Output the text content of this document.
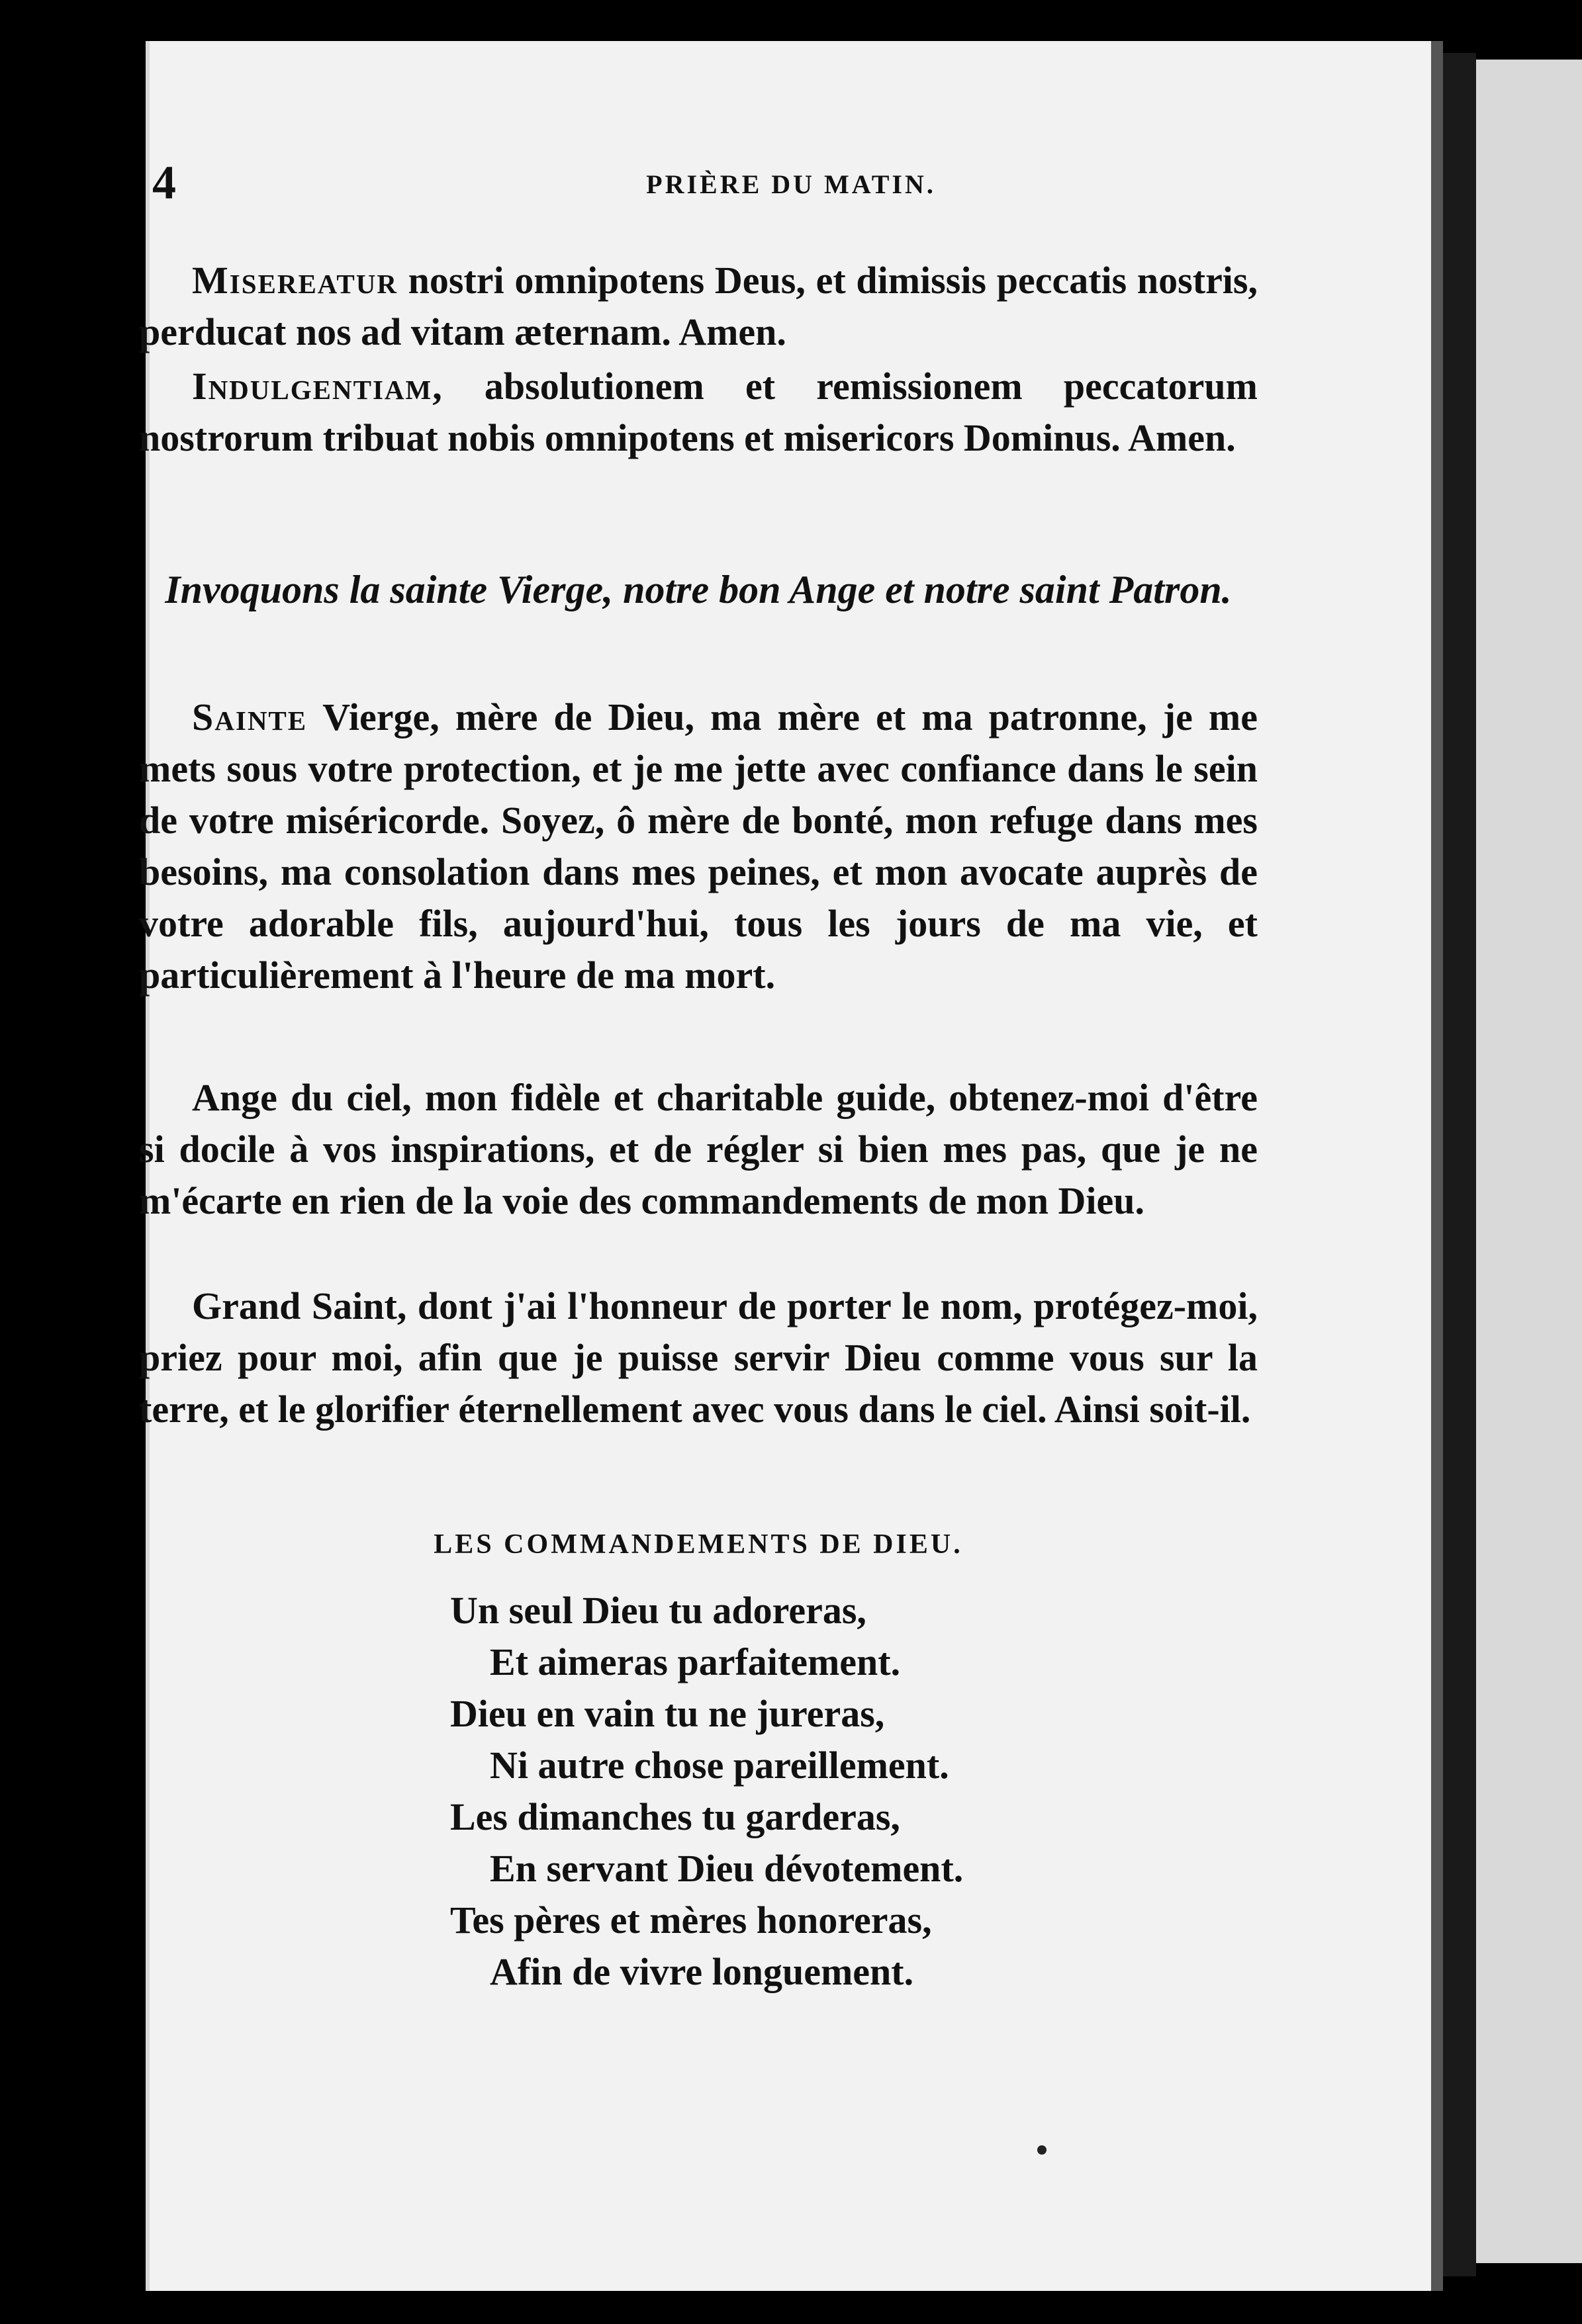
4	PRIÈRE DU MATIN.

Misereatur nostri omnipotens Deus, et dimissis peccatis nostris, perducat nos ad vitam æternam. Amen.

Indulgentiam, absolutionem et remissionem peccatorum nostrorum tribuat nobis omnipotens et misericors Dominus. Amen.

Invoquons la sainte Vierge, notre bon Ange et notre saint Patron.

Sainte Vierge, mère de Dieu, ma mère et ma patronne, je me mets sous votre protection, et je me jette avec confiance dans le sein de votre miséricorde. Soyez, ô mère de bonté, mon refuge dans mes besoins, ma consolation dans mes peines, et mon avocate auprès de votre adorable fils, aujourd'hui, tous les jours de ma vie, et particulièrement à l'heure de ma mort.

Ange du ciel, mon fidèle et charitable guide, obtenez-moi d'être si docile à vos inspirations, et de régler si bien mes pas, que je ne m'écarte en rien de la voie des commandements de mon Dieu.

Grand Saint, dont j'ai l'honneur de porter le nom, protégez-moi, priez pour moi, afin que je puisse servir Dieu comme vous sur la terre, et le glorifier éternellement avec vous dans le ciel. Ainsi soit-il.

LES COMMANDEMENTS DE DIEU.
Un seul Dieu tu adoreras,
Et aimeras parfaitement.
Dieu en vain tu ne jureras,
Ni autre chose pareillement.
Les dimanches tu garderas,
En servant Dieu dévotement.
Tes pères et mères honoreras,
Afin de vivre longuement.
